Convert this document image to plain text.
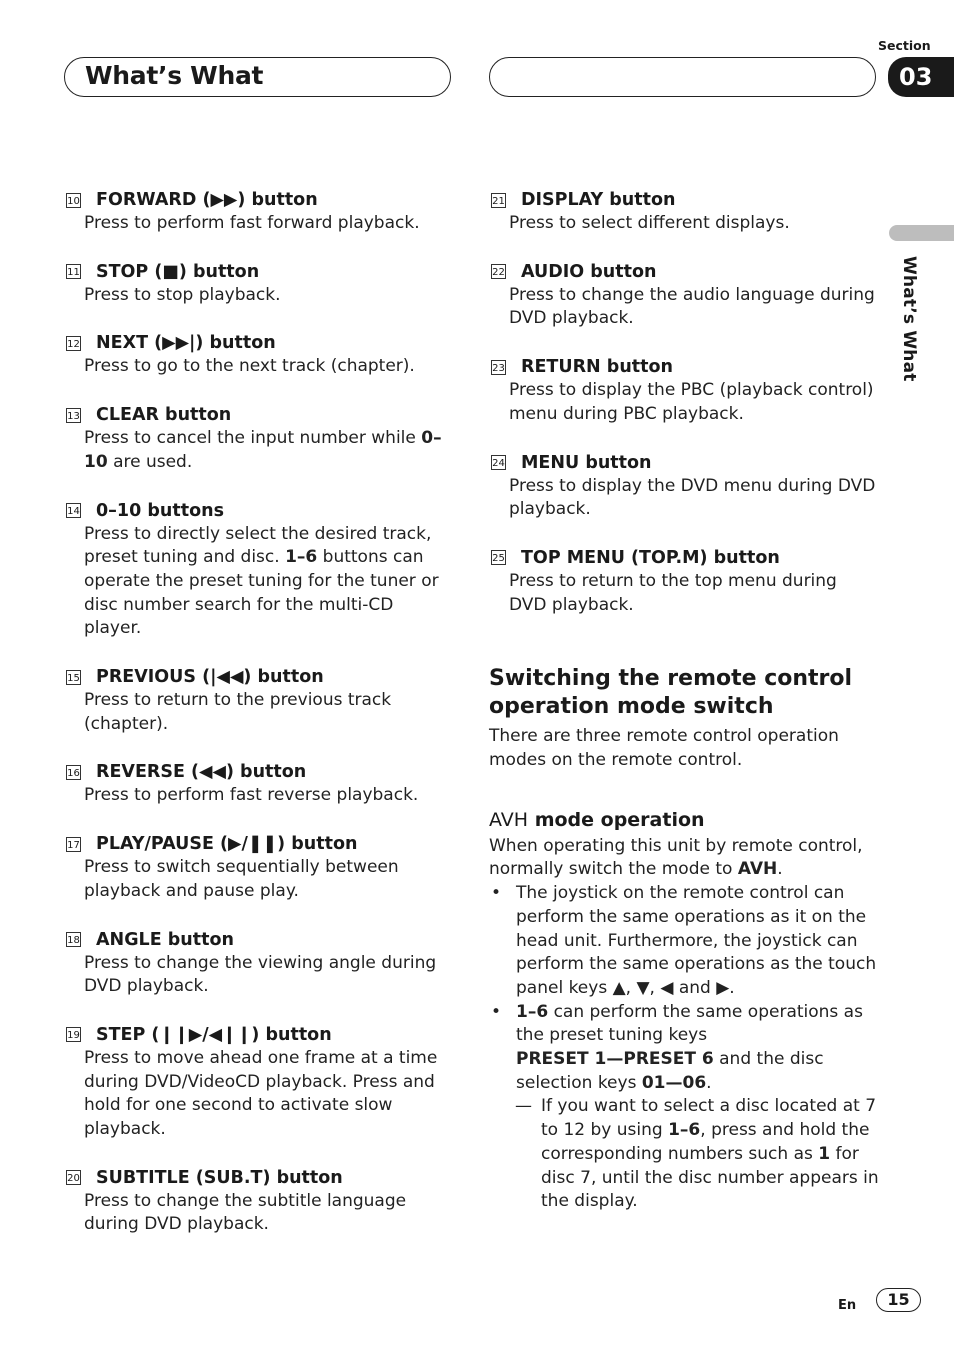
What’s What
Section
03
What’s What
10 FORWARD (▶▶) button
Press to perform fast forward playback.
11 STOP (■) button
Press to stop playback.
12 NEXT (▶▶|) button
Press to go to the next track (chapter).
13 CLEAR button
Press to cancel the input number while 0–10 are used.
14 0–10 buttons
Press to directly select the desired track, preset tuning and disc. 1–6 buttons can operate the preset tuning for the tuner or disc number search for the multi-CD player.
15 PREVIOUS (|◀◀) button
Press to return to the previous track (chapter).
16 REVERSE (◀◀) button
Press to perform fast reverse playback.
17 PLAY/PAUSE (▶/❚❚) button
Press to switch sequentially between playback and pause play.
18 ANGLE button
Press to change the viewing angle during DVD playback.
19 STEP (❙❙▶/◀❙❙) button
Press to move ahead one frame at a time during DVD/VideoCD playback. Press and hold for one second to activate slow playback.
20 SUBTITLE (SUB.T) button
Press to change the subtitle language during DVD playback.
21 DISPLAY button
Press to select different displays.
22 AUDIO button
Press to change the audio language during DVD playback.
23 RETURN button
Press to display the PBC (playback control) menu during PBC playback.
24 MENU button
Press to display the DVD menu during DVD playback.
25 TOP MENU (TOP.M) button
Press to return to the top menu during DVD playback.
Switching the remote control operation mode switch
There are three remote control operation modes on the remote control.
AVH mode operation
When operating this unit by remote control, normally switch the mode to AVH.
• The joystick on the remote control can perform the same operations as it on the head unit. Furthermore, the joystick can perform the same operations as the touch panel keys ▲, ▼, ◀ and ▶.
• 1–6 can perform the same operations as the preset tuning keys
PRESET 1—PRESET 6 and the disc selection keys 01—06.
— If you want to select a disc located at 7 to 12 by using 1–6, press and hold the corresponding numbers such as 1 for disc 7, until the disc number appears in the display.
En	15
